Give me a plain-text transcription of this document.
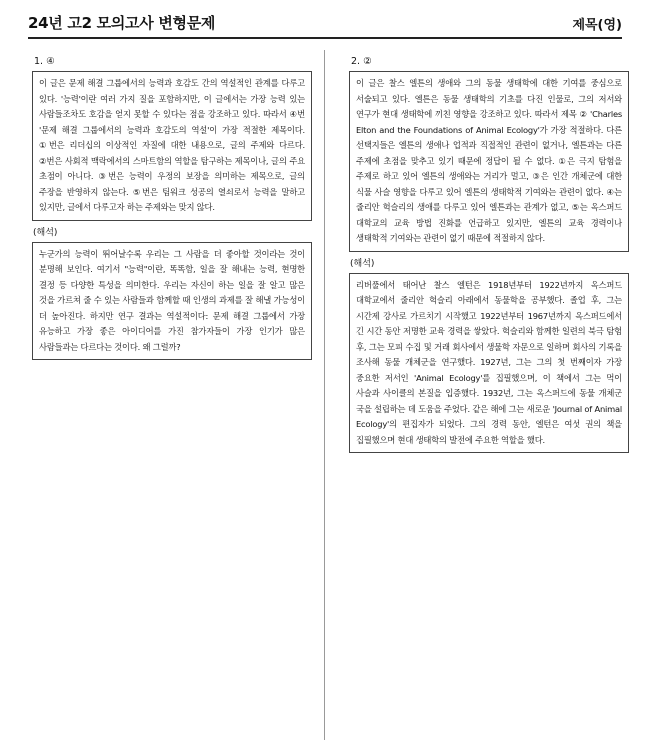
24년 고2 모의고사 변형문제	제목(영)
1. ④
이 글은 문제 해결 그룹에서의 능력과 호감도 간의 역설적인 관계를 다루고 있다. '능력'이란 여러 가지 질을 포함하지만, 이 글에서는 가장 능력 있는 사람들조차도 호감을 얻지 못할 수 있다는 점을 강조하고 있다. 따라서 ④번 '문제 해결 그룹에서의 능력과 호감도의 역설'이 가장 적절한 제목이다. ①번은 리더십의 이상적인 자질에 대한 내용으로, 글의 주제와 다르다. ②번은 사회적 맥락에서의 스마트함의 역할을 탐구하는 제목이나, 글의 주요 초점이 아니다. ③번은 능력이 우정의 보장을 의미하는 제목으로, 글의 주장을 반영하지 않는다. ⑤번은 팀워크 성공의 열쇠로서 능력을 말하고 있지만, 글에서 다루고자 하는 주제와는 맞지 않다.
(해석)
누군가의 능력이 뛰어날수록 우리는 그 사람을 더 좋아할 것이라는 것이 분명해 보인다. 여기서 "능력"이란, 똑똑함, 일을 잘 해내는 능력, 현명한 결정 등 다양한 특성을 의미한다. 우리는 자신이 하는 일을 잘 알고 많은 것을 가르쳐 줄 수 있는 사람들과 함께할 때 인생의 과제를 잘 해낼 가능성이 더 높아진다. 하지만 연구 결과는 역설적이다: 문제 해결 그룹에서 가장 유능하고 가장 좋은 아이디어를 가진 참가자들이 가장 인기가 많은 사람들과는 다르다는 것이다. 왜 그럴까?
2. ②
이 글은 찰스 엘튼의 생애와 그의 동물 생태학에 대한 기여를 중심으로 서술되고 있다. 엘튼은 동물 생태학의 기초를 다진 인물로, 그의 저서와 연구가 현대 생태학에 끼친 영향을 강조하고 있다. 따라서 제목 ② 'Charles Elton and the Foundations of Animal Ecology'가 가장 적절하다. 다른 선택지들은 엘튼의 생애나 업적과 직접적인 관련이 없거나, 엘튼과는 다른 주제에 초점을 맞추고 있기 때문에 정답이 될 수 없다. ①은 극지 탐험을 주제로 하고 있어 엘튼의 생애와는 거리가 멀고, ③은 인간 개체군에 대한 식물 사슬 영향을 다루고 있어 엘튼의 생태학적 기여와는 관련이 없다. ④는 줄리안 헉슬리의 생애를 다루고 있어 엘튼과는 관계가 없고, ⑤는 옥스퍼드 대학교의 교육 방법 진화를 언급하고 있지만, 엘튼의 교육 경력이나 생태학적 기여와는 관련이 없기 때문에 적절하지 않다.
(해석)
리버풀에서 태어난 찰스 엘턴은 1918년부터 1922년까지 옥스퍼드 대학교에서 줄리안 헉슬리 아래에서 동물학을 공부했다. 졸업 후, 그는 시간제 강사로 가르치기 시작했고 1922년부터 1967년까지 옥스퍼드에서 긴 시간 동안 저명한 교육 경력을 쌓았다. 헉슬리와 함께한 일련의 북극 탐험 후, 그는 모피 수집 및 거래 회사에서 생물학 자문으로 일하며 회사의 기록을 조사해 동물 개체군을 연구했다. 1927년, 그는 그의 첫 번째이자 가장 중요한 저서인 'Animal Ecology'를 집필했으며, 이 책에서 그는 먹이 사슬과 사이클의 본질을 입증했다. 1932년, 그는 옥스퍼드에 동물 개체군 국을 설립하는 데 도움을 주었다. 같은 해에 그는 새로운 'Journal of Animal Ecology'의 편집자가 되었다. 그의 경력 동안, 엘턴은 여섯 권의 책을 집필했으며 현대 생태학의 발전에 주요한 역할을 했다.
